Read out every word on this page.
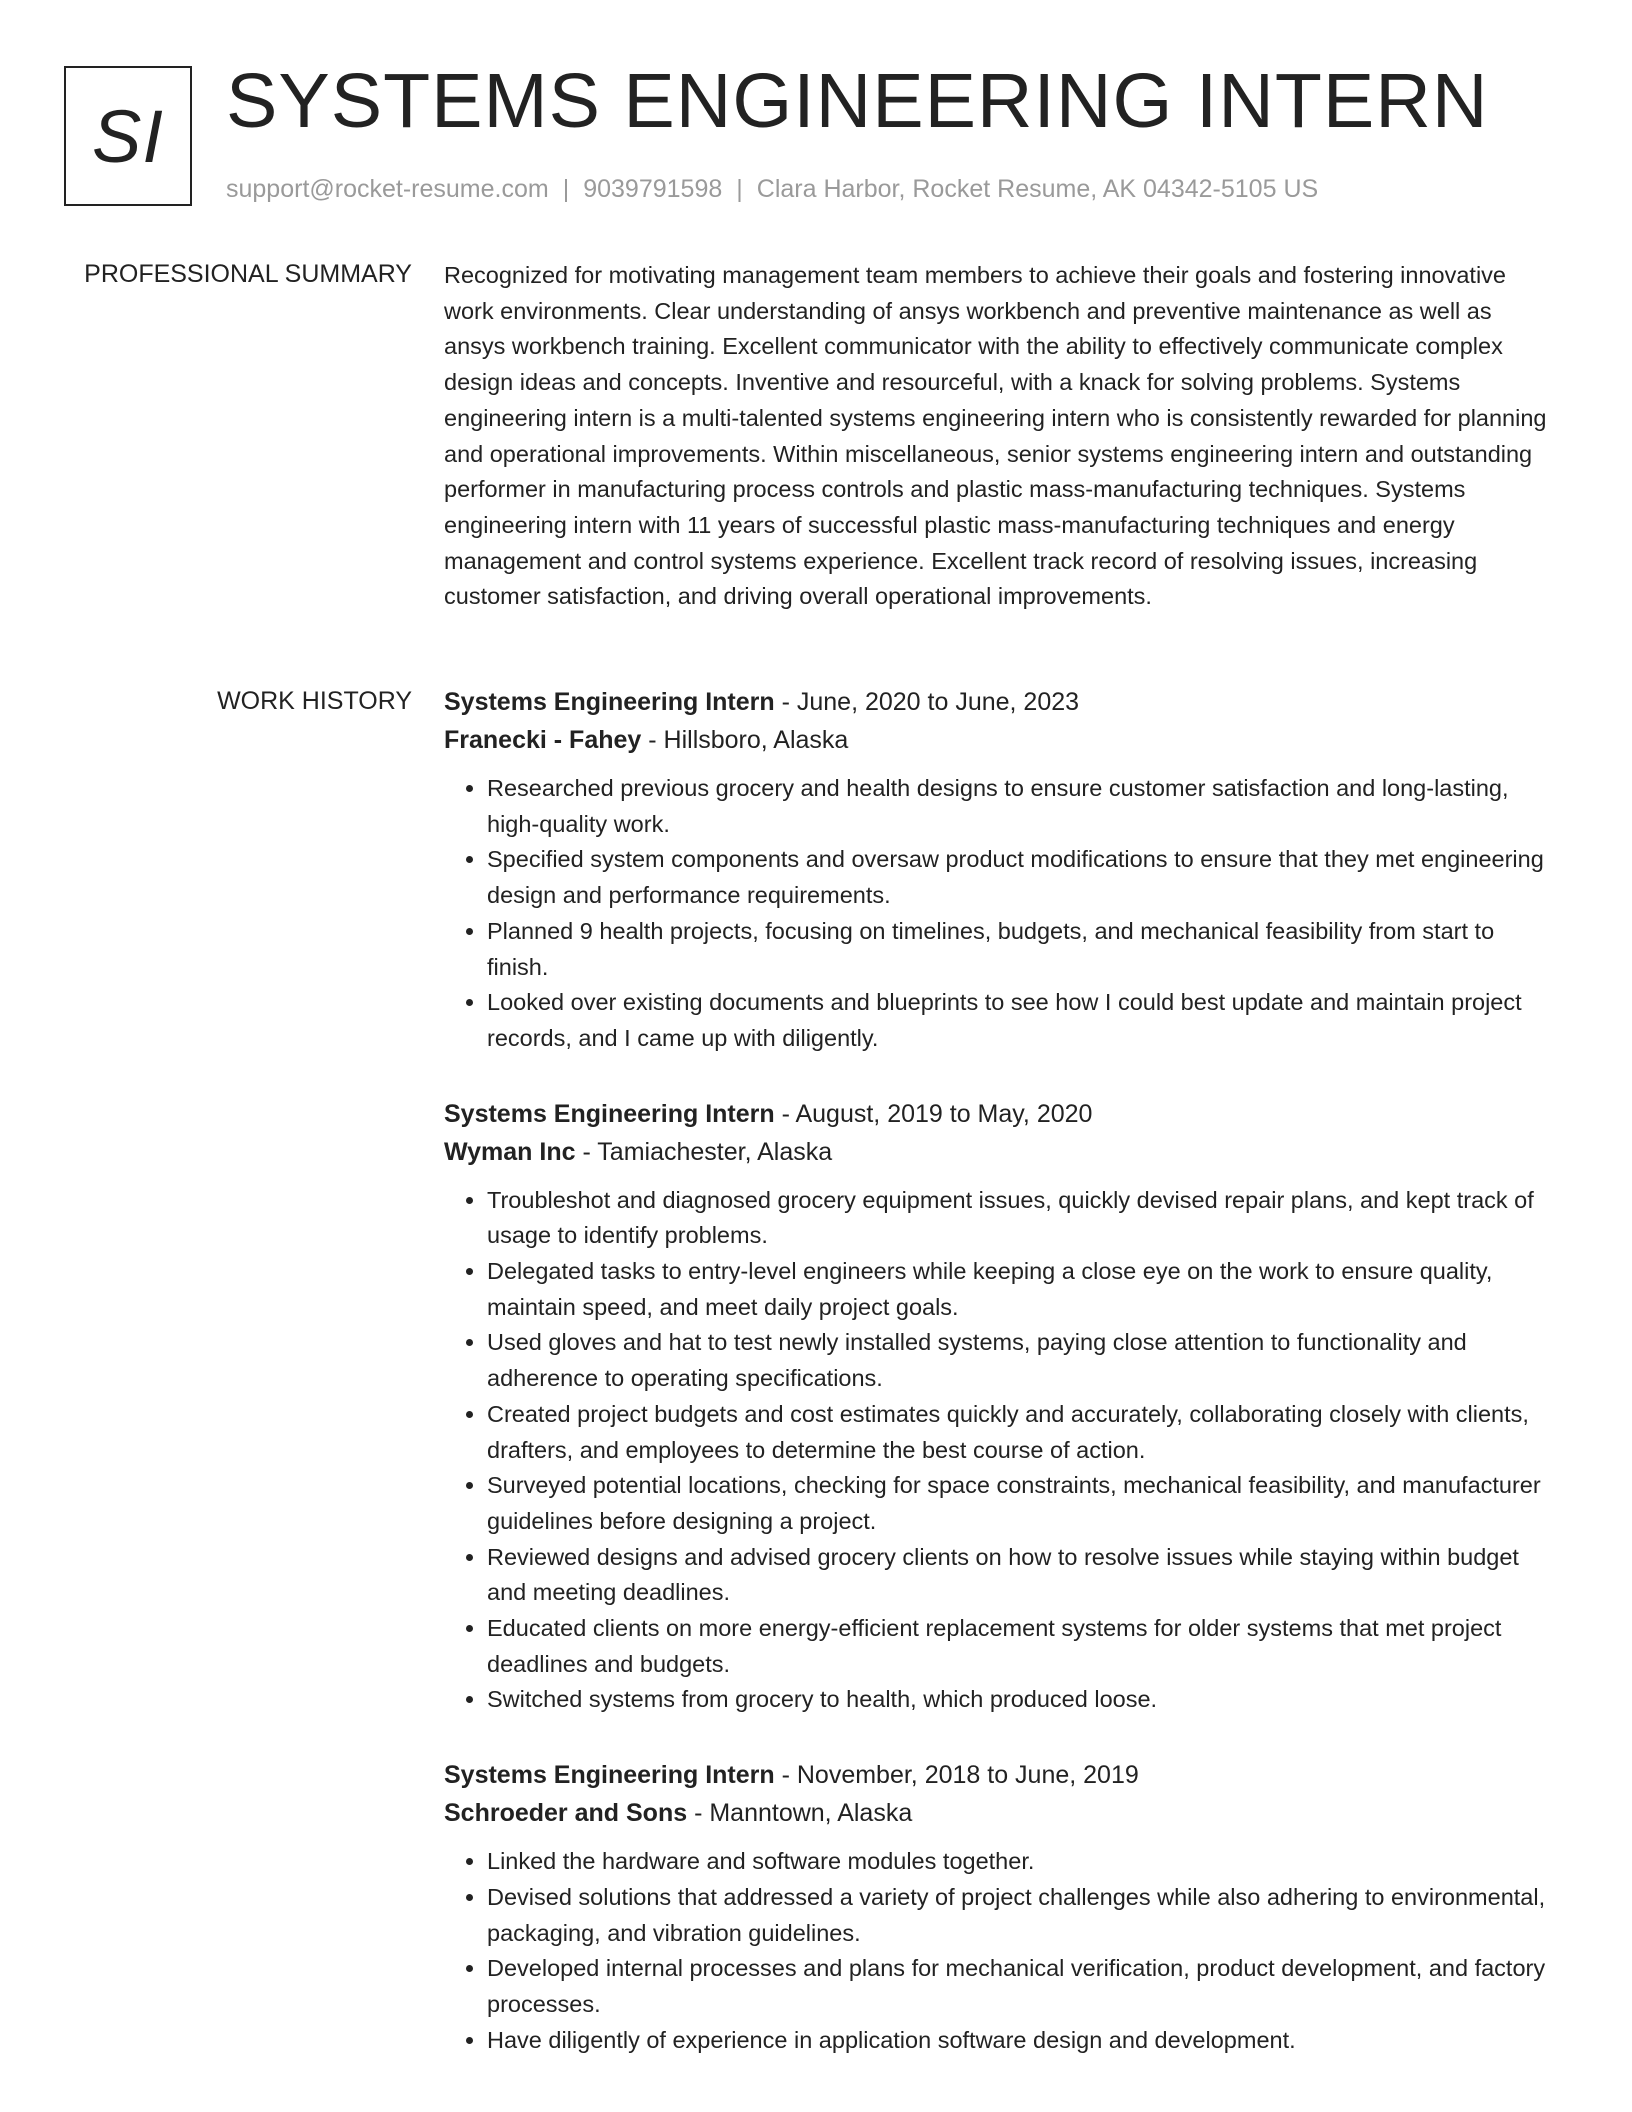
SI SYSTEMS ENGINEERING INTERN
support@rocket-resume.com | 9039791598 | Clara Harbor, Rocket Resume, AK 04342-5105 US
PROFESSIONAL SUMMARY Recognized for motivating management team members to achieve their goals and fostering innovative work environments. Clear understanding of ansys workbench and preventive maintenance as well as ansys workbench training. Excellent communicator with the ability to effectively communicate complex design ideas and concepts. Inventive and resourceful, with a knack for solving problems. Systems engineering intern is a multi-talented systems engineering intern who is consistently rewarded for planning and operational improvements. Within miscellaneous, senior systems engineering intern and outstanding performer in manufacturing process controls and plastic mass-manufacturing techniques. Systems engineering intern with 11 years of successful plastic mass-manufacturing techniques and energy management and control systems experience. Excellent track record of resolving issues, increasing customer satisfaction, and driving overall operational improvements.

WORK HISTORY Systems Engineering Intern - June, 2020 to June, 2023
Franecki - Fahey - Hillsboro, Alaska
• Researched previous grocery and health designs to ensure customer satisfaction and long-lasting, high-quality work.
• Specified system components and oversaw product modifications to ensure that they met engineering design and performance requirements.
• Planned 9 health projects, focusing on timelines, budgets, and mechanical feasibility from start to finish.
• Looked over existing documents and blueprints to see how I could best update and maintain project records, and I came up with diligently.
Systems Engineering Intern - August, 2019 to May, 2020
Wyman Inc - Tamiachester, Alaska
• Troubleshot and diagnosed grocery equipment issues, quickly devised repair plans, and kept track of usage to identify problems.
• Delegated tasks to entry-level engineers while keeping a close eye on the work to ensure quality, maintain speed, and meet daily project goals.
• Used gloves and hat to test newly installed systems, paying close attention to functionality and adherence to operating specifications.
• Created project budgets and cost estimates quickly and accurately, collaborating closely with clients, drafters, and employees to determine the best course of action.
• Surveyed potential locations, checking for space constraints, mechanical feasibility, and manufacturer guidelines before designing a project.
• Reviewed designs and advised grocery clients on how to resolve issues while staying within budget and meeting deadlines.
• Educated clients on more energy-efficient replacement systems for older systems that met project deadlines and budgets.
• Switched systems from grocery to health, which produced loose.
Systems Engineering Intern - November, 2018 to June, 2019
Schroeder and Sons - Manntown, Alaska
• Linked the hardware and software modules together.
• Devised solutions that addressed a variety of project challenges while also adhering to environmental, packaging, and vibration guidelines.
• Developed internal processes and plans for mechanical verification, product development, and factory processes.
• Have diligently of experience in application software design and development.
